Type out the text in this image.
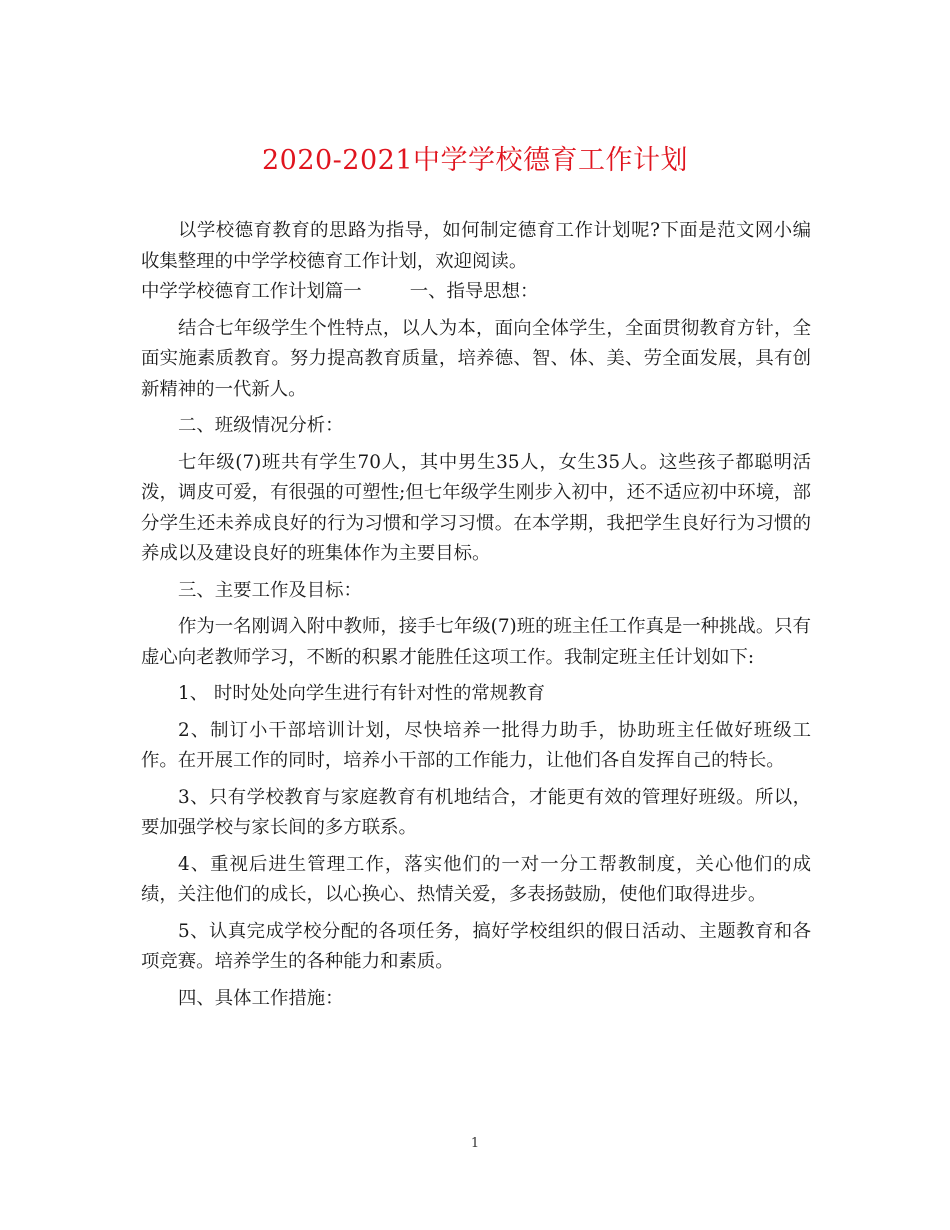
2020-2021中学学校德育工作计划

以学校德育教育的思路为指导，如何制定德育工作计划呢?下面是范文网小编收集整理的中学学校德育工作计划，欢迎阅读。

中学学校德育工作计划篇一	一、指导思想：

结合七年级学生个性特点，以人为本，面向全体学生，全面贯彻教育方针，全面实施素质教育。努力提高教育质量，培养德、智、体、美、劳全面发展，具有创新精神的一代新人。

二、班级情况分析：

七年级(7)班共有学生70人，其中男生35人，女生35人。这些孩子都聪明活泼，调皮可爱，有很强的可塑性;但七年级学生刚步入初中，还不适应初中环境，部分学生还未养成良好的行为习惯和学习习惯。在本学期，我把学生良好行为习惯的养成以及建设良好的班集体作为主要目标。

三、主要工作及目标：

作为一名刚调入附中教师，接手七年级(7)班的班主任工作真是一种挑战。只有虚心向老教师学习，不断的积累才能胜任这项工作。我制定班主任计划如下:

1、 时时处处向学生进行有针对性的常规教育

2、制订小干部培训计划，尽快培养一批得力助手，协助班主任做好班级工作。在开展工作的同时，培养小干部的工作能力，让他们各自发挥自己的特长。

3、只有学校教育与家庭教育有机地结合，才能更有效的管理好班级。所以，要加强学校与家长间的多方联系。

4、重视后进生管理工作，落实他们的一对一分工帮教制度，关心他们的成绩，关注他们的成长，以心换心、热情关爱，多表扬鼓励，使他们取得进步。

5、认真完成学校分配的各项任务，搞好学校组织的假日活动、主题教育和各项竞赛。培养学生的各种能力和素质。

四、具体工作措施：

1
